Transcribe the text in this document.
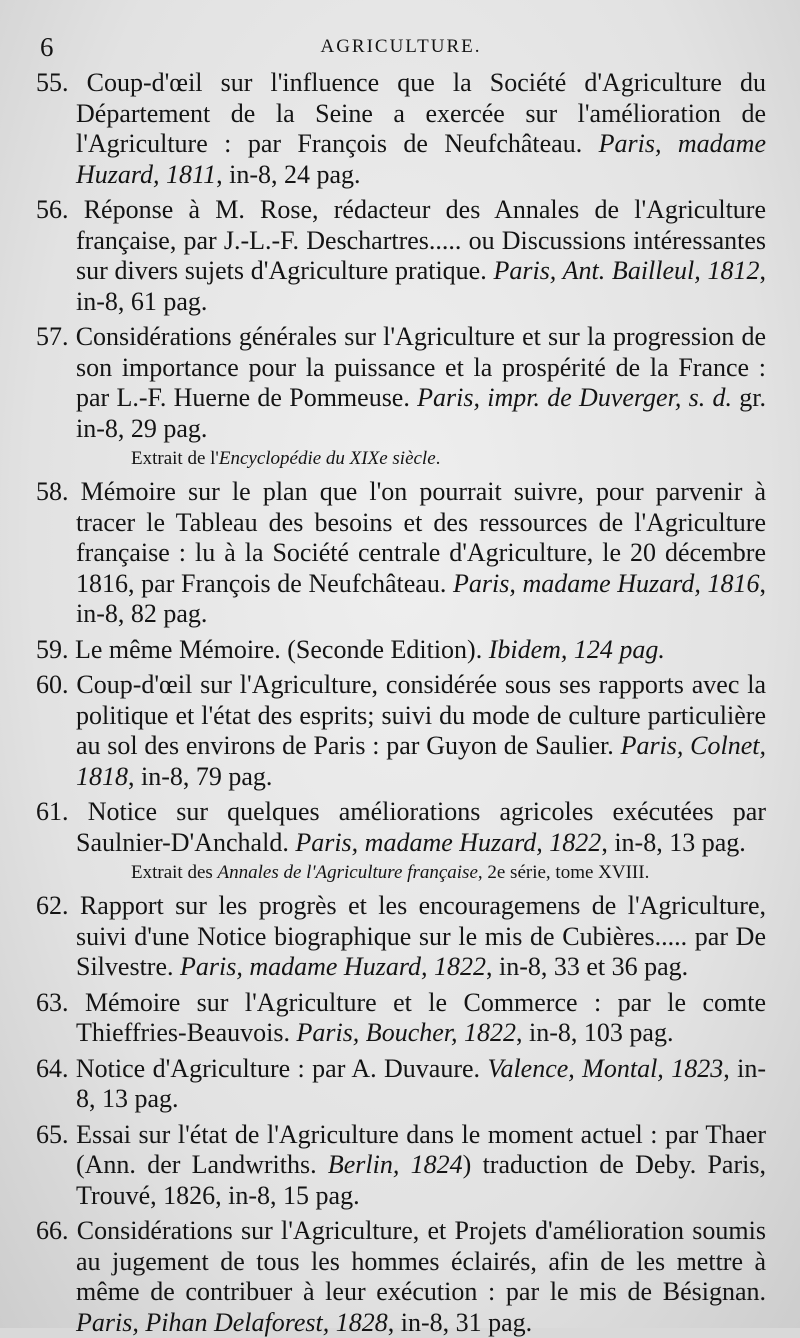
6	AGRICULTURE.

55. Coup-d'œil sur l'influence que la Société d'Agriculture du Département de la Seine a exercée sur l'amélioration de l'Agriculture : par François de Neufchâteau. Paris, madame Huzard, 1811, in-8, 24 pag.

56. Réponse à M. Rose, rédacteur des Annales de l'Agriculture française, par J.-L.-F. Deschartres..... ou Discussions intéressantes sur divers sujets d'Agriculture pratique. Paris, Ant. Bailleul, 1812, in-8, 61 pag.

57. Considérations générales sur l'Agriculture et sur la progression de son importance pour la puissance et la prospérité de la France : par L.-F. Huerne de Pommeuse. Paris, impr. de Duverger, s. d. gr. in-8, 29 pag.

Extrait de l'Encyclopédie du XIXe siècle.

58. Mémoire sur le plan que l'on pourrait suivre, pour parvenir à tracer le Tableau des besoins et des ressources de l'Agriculture française : lu à la Société centrale d'Agriculture, le 20 décembre 1816, par François de Neufchâteau. Paris, madame Huzard, 1816, in-8, 82 pag.

59. Le même Mémoire. (Seconde Edition). Ibidem, 124 pag.

60. Coup-d'œil sur l'Agriculture, considérée sous ses rapports avec la politique et l'état des esprits; suivi du mode de culture particulière au sol des environs de Paris : par Guyon de Saulier. Paris, Colnet, 1818, in-8, 79 pag.

61. Notice sur quelques améliorations agricoles exécutées par Saulnier-D'Anchald. Paris, madame Huzard, 1822, in-8, 13 pag.

Extrait des Annales de l'Agriculture française, 2e série, tome XVIII.

62. Rapport sur les progrès et les encouragemens de l'Agriculture, suivi d'une Notice biographique sur le mis de Cubières..... par De Silvestre. Paris, madame Huzard, 1822, in-8, 33 et 36 pag.

63. Mémoire sur l'Agriculture et le Commerce : par le comte Thieffries-Beauvois. Paris, Boucher, 1822, in-8, 103 pag.

64. Notice d'Agriculture : par A. Duvaure. Valence, Montal, 1823, in-8, 13 pag.

65. Essai sur l'état de l'Agriculture dans le moment actuel : par Thaer (Ann. der Landwriths. Berlin, 1824) traduction de Deby. Paris, Trouvé, 1826, in-8, 15 pag.

66. Considérations sur l'Agriculture, et Projets d'amélioration soumis au jugement de tous les hommes éclairés, afin de les mettre à même de contribuer à leur exécution : par le mis de Bésignan. Paris, Pihan Delaforest, 1828, in-8, 31 pag.
